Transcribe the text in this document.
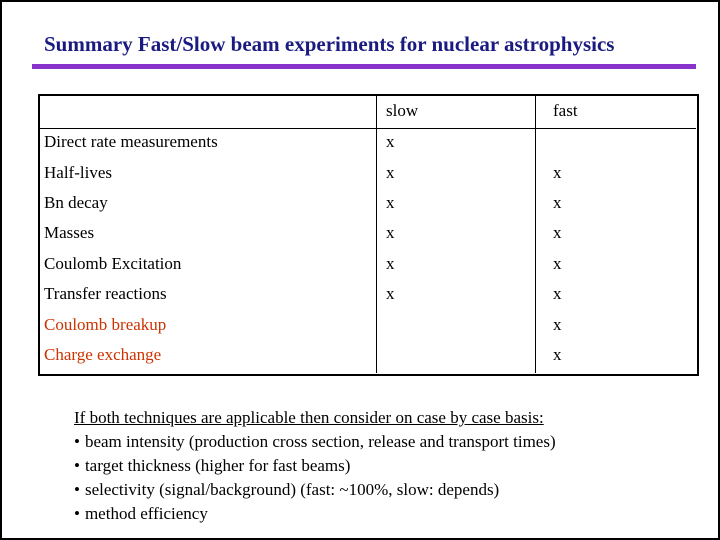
Summary Fast/Slow beam experiments for nuclear astrophysics
	slow	fast
Direct rate measurements	x	
Half-lives	x	x
Bn decay	x	x
Masses	x	x
Coulomb Excitation	x	x
Transfer reactions	x	x
Coulomb breakup		x
Charge exchange		x
If both techniques are applicable then consider on case by case basis:
• beam intensity (production cross section, release and transport times)
• target thickness (higher for fast beams)
• selectivity (signal/background) (fast: ~100%, slow: depends)
• method efficiency
